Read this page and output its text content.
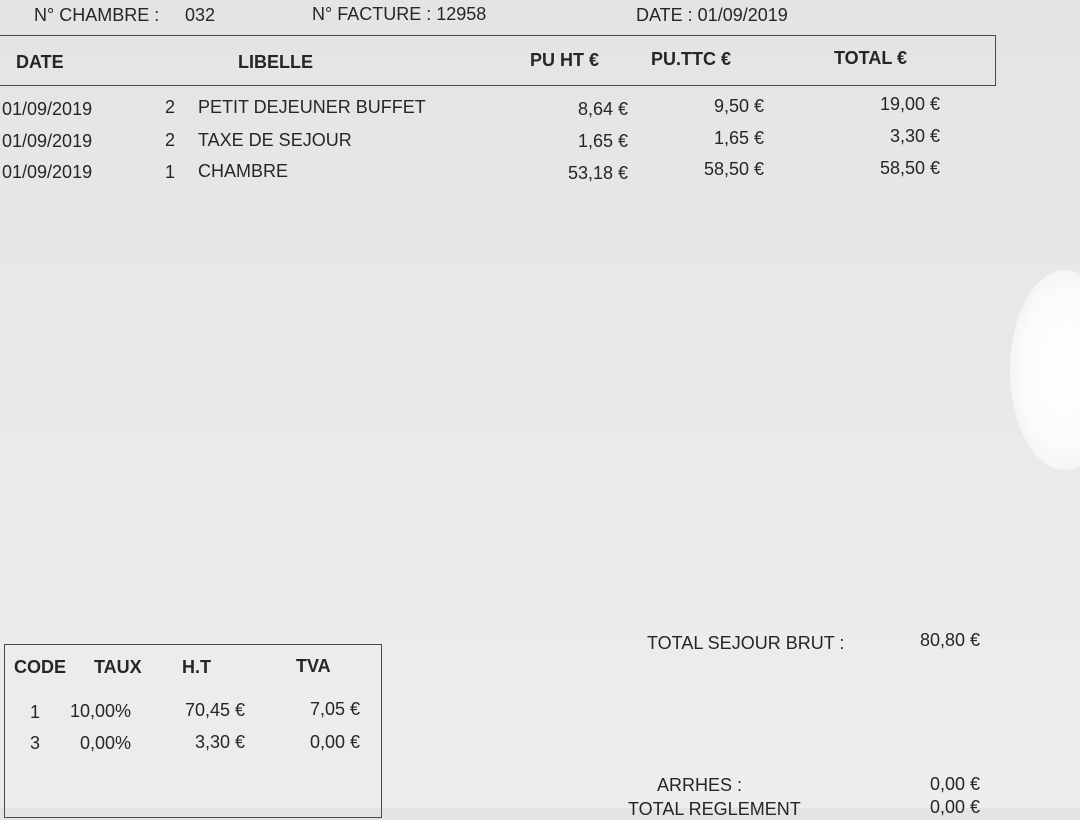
N° CHAMBRE : 032	N° FACTURE : 12958	DATE : 01/09/2019
DATE	LIBELLE	PU HT €	PU.TTC €	TOTAL €
01/09/2019	2 PETIT DEJEUNER BUFFET	8,64 €	9,50 €	19,00 €
01/09/2019	2 TAXE DE SEJOUR	1,65 €	1,65 €	3,30 €
01/09/2019	1 CHAMBRE	53,18 €	58,50 €	58,50 €
CODE TAUX H.T	TVA
1 10,00%	70,45 €	7,05 €
3 0,00%	3,30 €	0,00 €
TOTAL SEJOUR BRUT :	80,80 €
ARRHES :	0,00 €
TOTAL REGLEMENT	0,00 €
